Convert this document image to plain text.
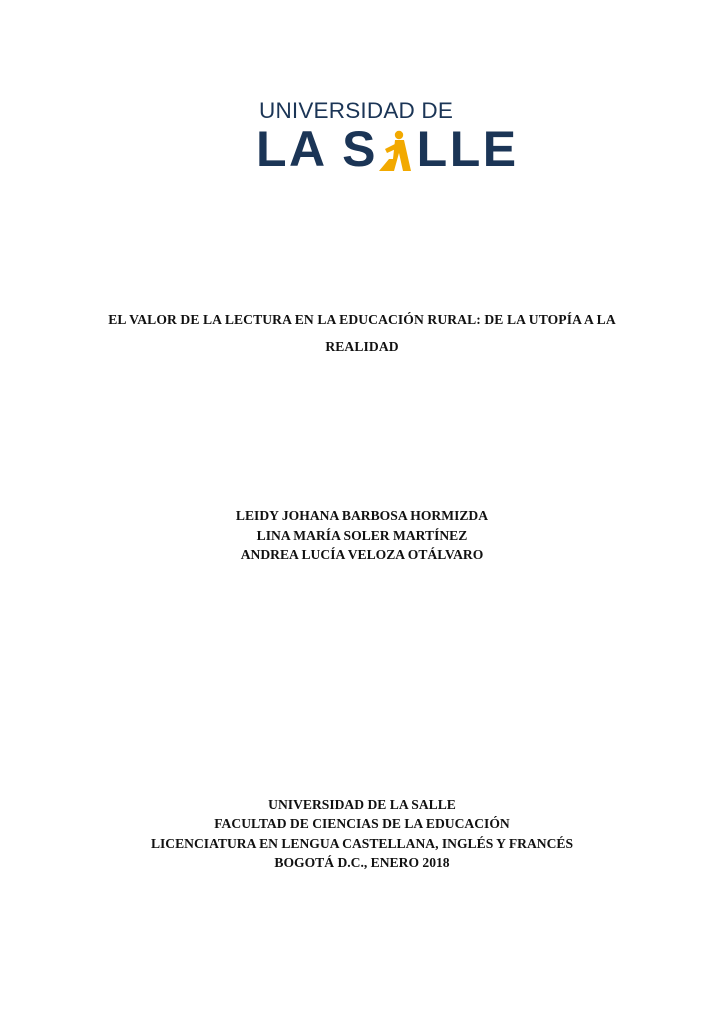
UNIVERSIDAD DE
LA S LLE
EL VALOR DE LA LECTURA EN LA EDUCACIÓN RURAL: DE LA UTOPÍA A LA
REALIDAD
LEIDY JOHANA BARBOSA HORMIZDA
LINA MARÍA SOLER MARTÍNEZ
ANDREA LUCÍA VELOZA OTÁLVARO
UNIVERSIDAD DE LA SALLE
FACULTAD DE CIENCIAS DE LA EDUCACIÓN
LICENCIATURA EN LENGUA CASTELLANA, INGLÉS Y FRANCÉS
BOGOTÁ D.C., ENERO 2018
